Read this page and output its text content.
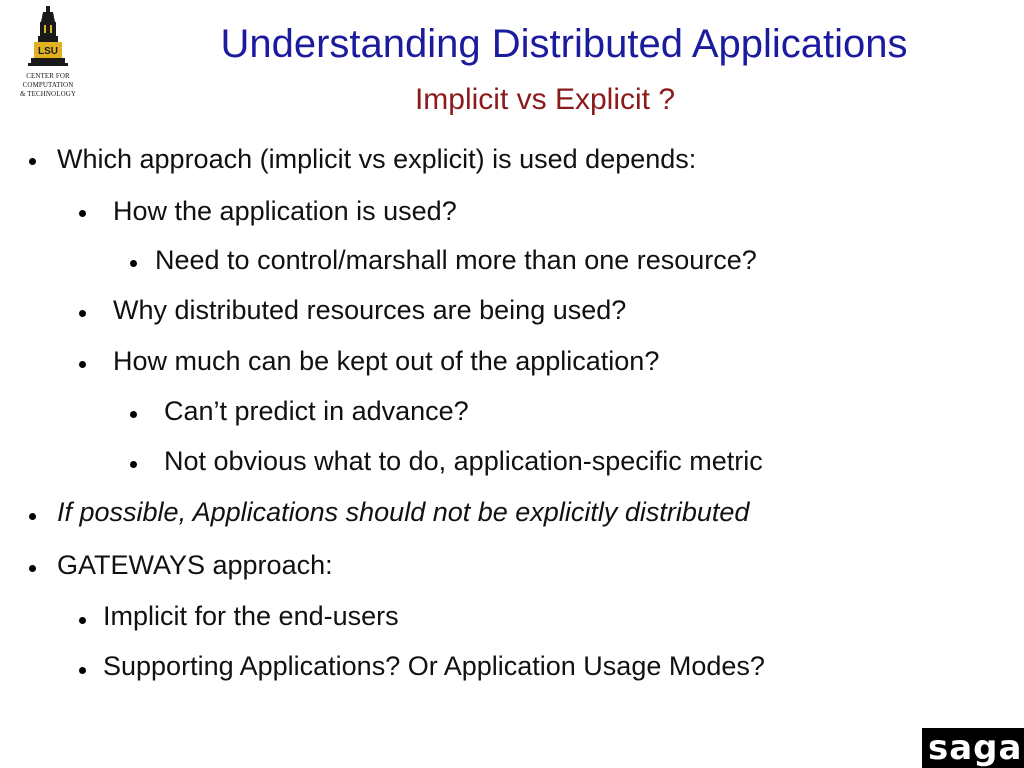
LSU
CENTER FOR COMPUTATION
& TECHNOLOGY
Understanding Distributed Applications
Implicit vs Explicit ?
Which approach (implicit vs explicit) is used depends:
How the application is used?
Need to control/marshall more than one resource?
Why distributed resources are being used?
How much can be kept out of the application?
Can’t predict in advance?
Not obvious what to do, application-specific metric
If possible, Applications should not be explicitly distributed
GATEWAYS approach:
Implicit for the end-users
Supporting Applications? Or Application Usage Modes?
saga
